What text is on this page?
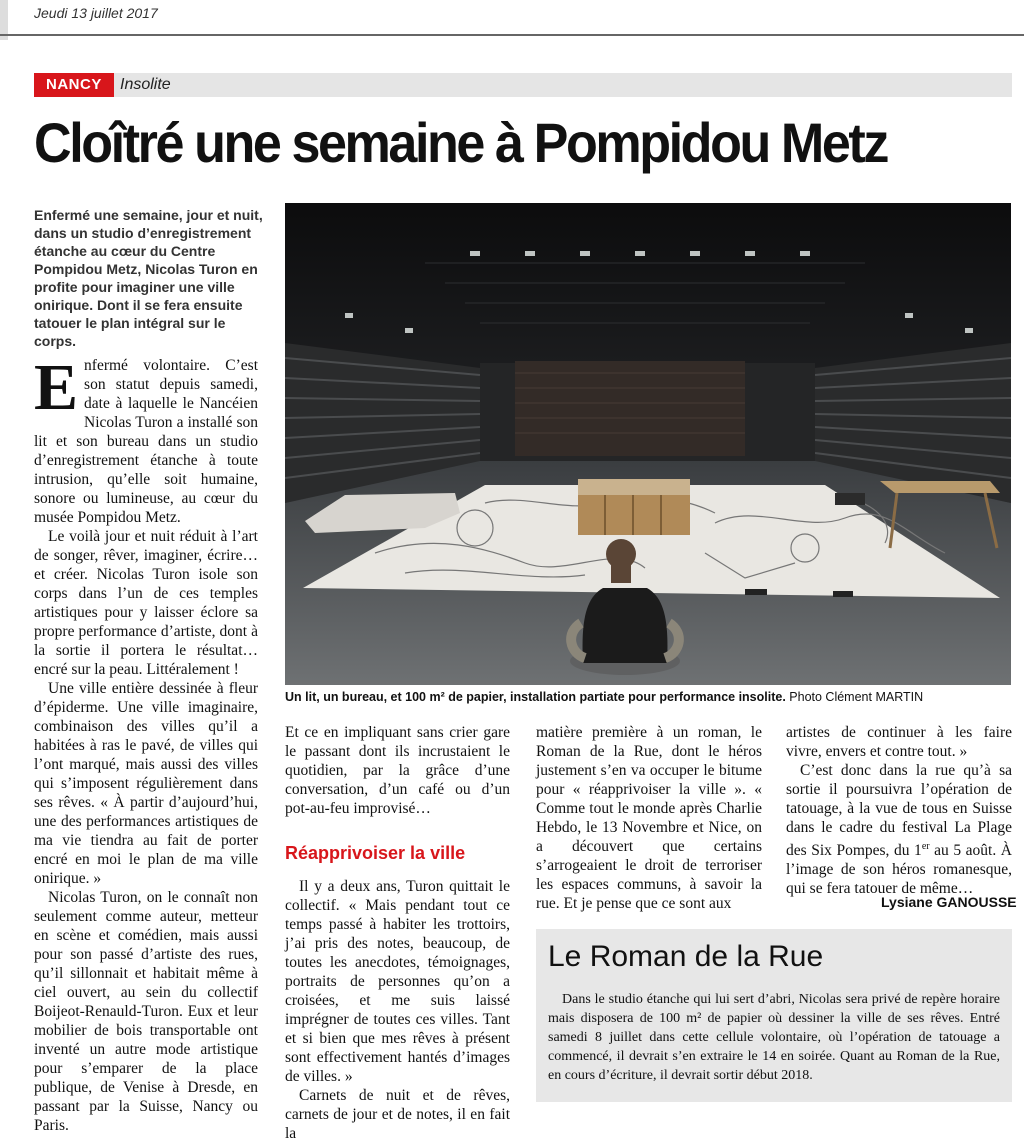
Jeudi 13 juillet 2017
NANCY	Insolite
Cloîtré une semaine à Pompidou Metz
Enfermé une semaine, jour et nuit, dans un studio d’enregistrement étanche au cœur du Centre Pompidou Metz, Nicolas Turon en profite pour imaginer une ville onirique. Dont il se fera ensuite tatouer le plan intégral sur le corps.

Enfermé volontaire. C’est son statut depuis samedi, date à laquelle le Nancéien Nicolas Turon a installé son lit et son bureau dans un studio d’enregistrement étanche à toute intrusion, qu’elle soit humaine, sonore ou lumineuse, au cœur du musée Pompidou Metz.

Le voilà jour et nuit réduit à l’art de songer, rêver, imaginer, écrire… et créer. Nicolas Turon isole son corps dans l’un de ces temples artistiques pour y laisser éclore sa propre performance d’artiste, dont à la sortie il portera le résultat… encré sur la peau. Littéralement !

Une ville entière dessinée à fleur d’épiderme. Une ville imaginaire, combinaison des villes qu’il a habitées à ras le pavé, de villes qui l’ont marqué, mais aussi des villes qui s’imposent régulièrement dans ses rêves. « À partir d’aujourd’hui, une des performances artistiques de ma vie tiendra au fait de porter encré en moi le plan de ma ville onirique. »

Nicolas Turon, on le connaît non seulement comme auteur, metteur en scène et comédien, mais aussi pour son passé d’artiste des rues, qu’il sillonnait et habitait même à ciel ouvert, au sein du collectif Boijeot-Renauld-Turon. Eux et leur mobilier de bois transportable ont inventé un autre mode artistique pour s’emparer de la place publique, de Venise à Dresde, en passant par la Suisse, Nancy ou Paris.

Un lit, un bureau, et 100 m² de papier, installation partiate pour performance insolite. Photo Clément MARTIN

Et ce en impliquant sans crier gare le passant dont ils incrustaient le quotidien, par la grâce d’une conversation, d’un café ou d’un pot-au-feu improvisé…

Réapprivoiser la ville

Il y a deux ans, Turon quittait le collectif. « Mais pendant tout ce temps passé à habiter les trottoirs, j’ai pris des notes, beaucoup, de toutes les anecdotes, témoignages, portraits de personnes qu’on a croisées, et me suis laissé imprégner de toutes ces villes. Tant et si bien que mes rêves à présent sont effectivement hantés d’images de villes. »

Carnets de nuit et de rêves, carnets de jour et de notes, il en fait la

matière première à un roman, le Roman de la Rue, dont le héros justement s’en va occuper le bitume pour « réapprivoiser la ville ». « Comme tout le monde après Charlie Hebdo, le 13 Novembre et Nice, on a découvert que certains s’arrogeaient le droit de terroriser les espaces communs, à savoir la rue. Et je pense que ce sont aux

artistes de continuer à les faire vivre, envers et contre tout. »

C’est donc dans la rue qu’à sa sortie il poursuivra l’opération de tatouage, à la vue de tous en Suisse dans le cadre du festival La Plage des Six Pompes, du 1er au 5 août. À l’image de son héros romanesque, qui se fera tatouer de même…

Lysiane GANOUSSE
Le Roman de la Rue
Dans le studio étanche qui lui sert d’abri, Nicolas sera privé de repère horaire mais disposera de 100 m² de papier où dessiner la ville de ses rêves. Entré samedi 8 juillet dans cette cellule volontaire, où l’opération de tatouage a commencé, il devrait s’en extraire le 14 en soirée. Quant au Roman de la Rue, en cours d’écriture, il devrait sortir début 2018.
